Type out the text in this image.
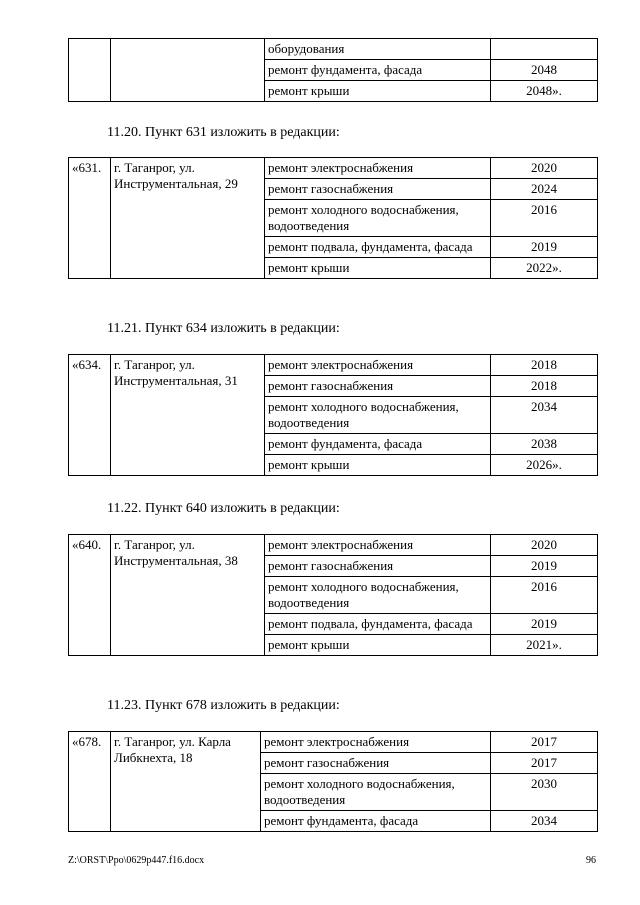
		оборудования	
		ремонт фундамента, фасада	2048
		ремонт крыши	2048».
11.20. Пункт 631 изложить в редакции:
«631.	г. Таганрог, ул. Инструментальная, 29	ремонт электроснабжения	2020
		ремонт газоснабжения	2024
		ремонт холодного водоснабжения, водоотведения	2016
		ремонт подвала, фундамента, фасада	2019
		ремонт крыши	2022».
11.21. Пункт 634 изложить в редакции:
«634.	г. Таганрог, ул. Инструментальная, 31	ремонт электроснабжения	2018
		ремонт газоснабжения	2018
		ремонт холодного водоснабжения, водоотведения	2034
		ремонт фундамента, фасада	2038
		ремонт крыши	2026».
11.22. Пункт 640 изложить в редакции:
«640.	г. Таганрог, ул. Инструментальная, 38	ремонт электроснабжения	2020
		ремонт газоснабжения	2019
		ремонт холодного водоснабжения, водоотведения	2016
		ремонт подвала, фундамента, фасада	2019
		ремонт крыши	2021».
11.23. Пункт 678 изложить в редакции:
«678.	г. Таганрог, ул. Карла Либкнехта, 18	ремонт электроснабжения	2017
		ремонт газоснабжения	2017
		ремонт холодного водоснабжения, водоотведения	2030
		ремонт фундамента, фасада	2034
Z:\ORST\Ppo\0629p447.f16.docx	96
